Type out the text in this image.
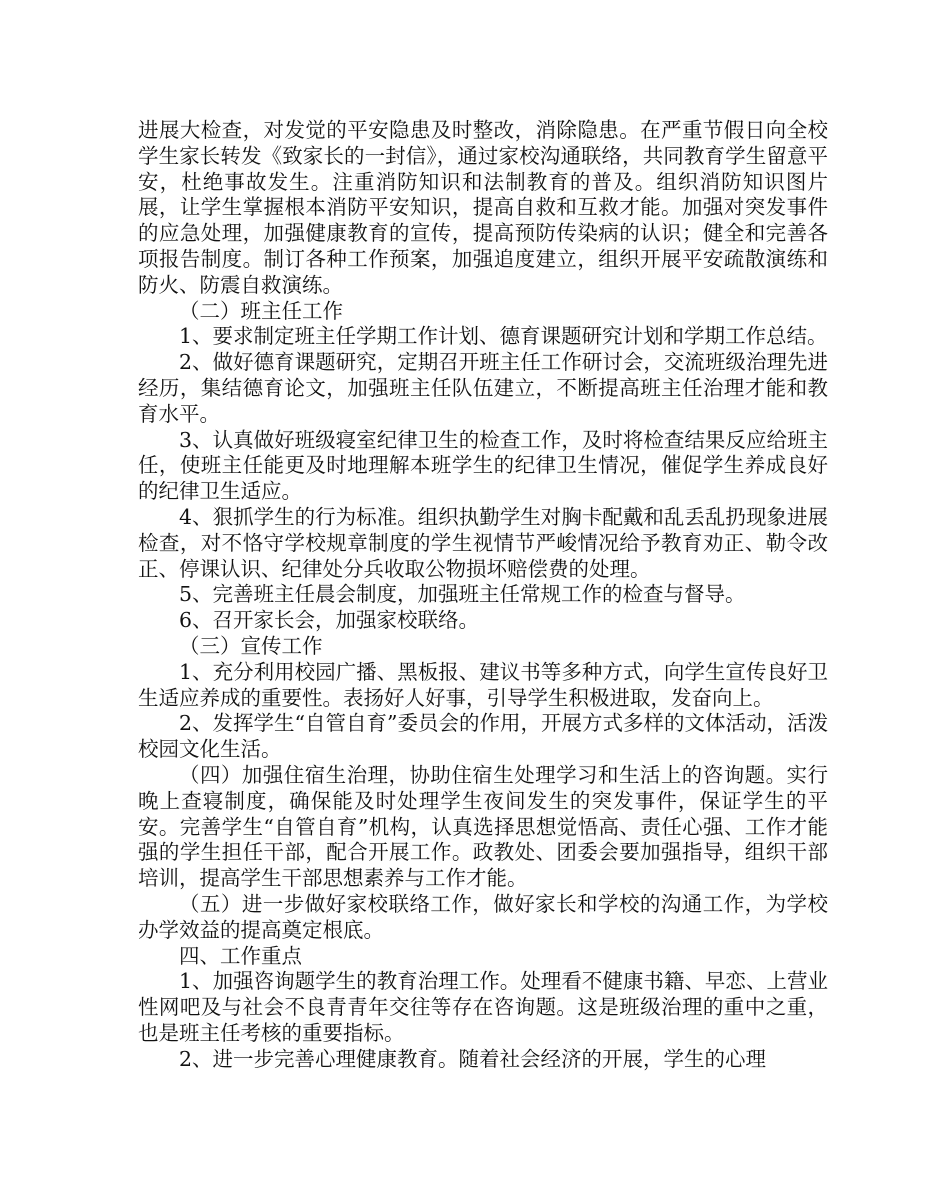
进展大检查，对发觉的平安隐患及时整改，消除隐患。在严重节假日向全校学生家长转发《致家长的一封信》，通过家校沟通联络，共同教育学生留意平安，杜绝事故发生。注重消防知识和法制教育的普及。组织消防知识图片展，让学生掌握根本消防平安知识，提高自救和互救才能。加强对突发事件的应急处理，加强健康教育的宣传，提高预防传染病的认识；健全和完善各项报告制度。制订各种工作预案，加强追度建立，组织开展平安疏散演练和防火、防震自救演练。

（二）班主任工作

1、要求制定班主任学期工作计划、德育课题研究计划和学期工作总结。

2、做好德育课题研究，定期召开班主任工作研讨会，交流班级治理先进经历，集结德育论文，加强班主任队伍建立，不断提高班主任治理才能和教育水平。

3、认真做好班级寝室纪律卫生的检查工作，及时将检查结果反应给班主任，使班主任能更及时地理解本班学生的纪律卫生情况，催促学生养成良好的纪律卫生适应。

4、狠抓学生的行为标准。组织执勤学生对胸卡配戴和乱丢乱扔现象进展检查，对不恪守学校规章制度的学生视情节严峻情况给予教育劝正、勒令改正、停课认识、纪律处分兵收取公物损坏赔偿费的处理。

5、完善班主任晨会制度，加强班主任常规工作的检查与督导。

6、召开家长会，加强家校联络。

（三）宣传工作

1、充分利用校园广播、黑板报、建议书等多种方式，向学生宣传良好卫生适应养成的重要性。表扬好人好事，引导学生积极进取，发奋向上。

2、发挥学生“自管自育”委员会的作用，开展方式多样的文体活动，活泼校园文化生活。

（四）加强住宿生治理，协助住宿生处理学习和生活上的咨询题。实行晚上查寝制度，确保能及时处理学生夜间发生的突发事件，保证学生的平安。完善学生“自管自育”机构，认真选择思想觉悟高、责任心强、工作才能强的学生担任干部，配合开展工作。政教处、团委会要加强指导，组织干部培训，提高学生干部思想素养与工作才能。

（五）进一步做好家校联络工作，做好家长和学校的沟通工作，为学校办学效益的提高奠定根底。

四、工作重点

1、加强咨询题学生的教育治理工作。处理看不健康书籍、早恋、上营业性网吧及与社会不良青青年交往等存在咨询题。这是班级治理的重中之重，也是班主任考核的重要指标。

2、进一步完善心理健康教育。随着社会经济的开展，学生的心理
